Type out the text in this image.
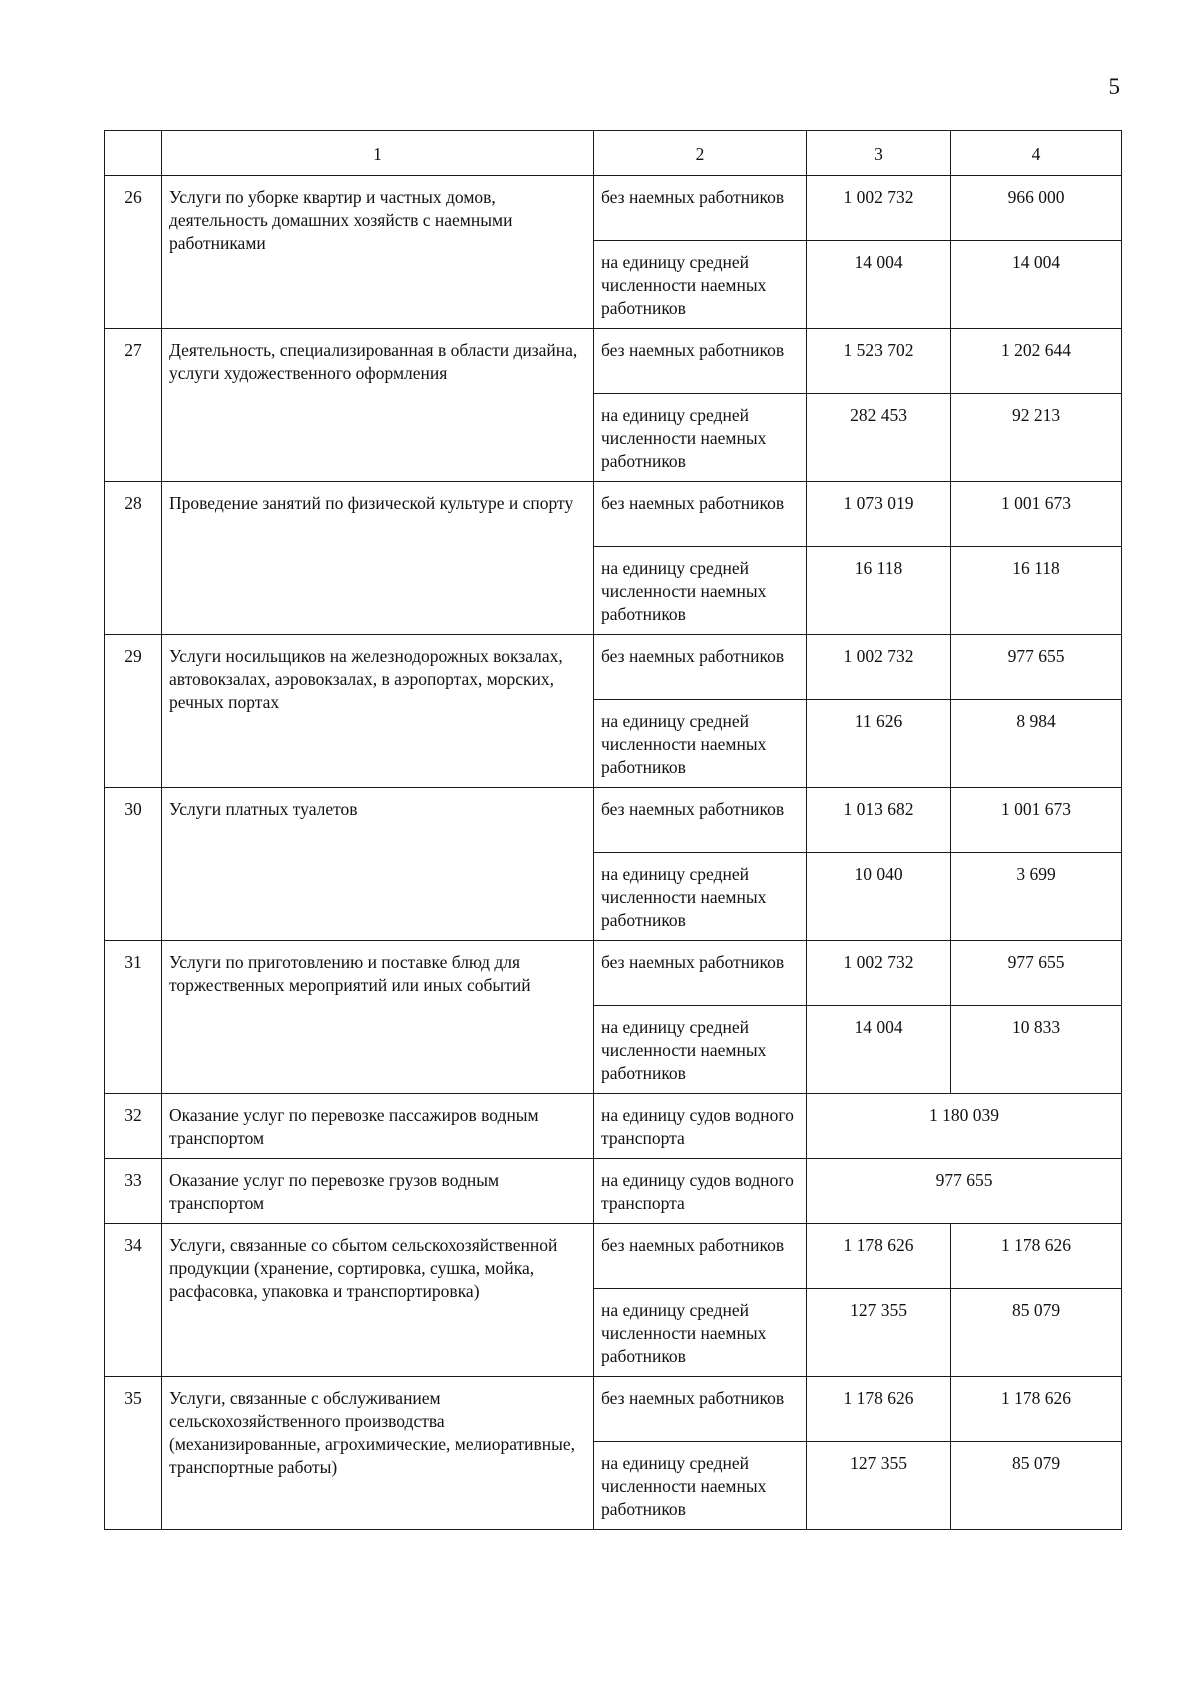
5
	1	2	3	4
26	Услуги по уборке квартир и частных домов, деятельность домашних хозяйств с наемными работниками	без наемных работников	1 002 732	966 000
		на единицу средней численности наемных работников	14 004	14 004
27	Деятельность, специализированная в области дизайна, услуги художественного оформления	без наемных работников	1 523 702	1 202 644
		на единицу средней численности наемных работников	282 453	92 213
28	Проведение занятий по физической культуре и спорту	без наемных работников	1 073 019	1 001 673
		на единицу средней численности наемных работников	16 118	16 118
29	Услуги носильщиков на железнодорожных вокзалах, автовокзалах, аэровокзалах, в аэропортах, морских, речных портах	без наемных работников	1 002 732	977 655
		на единицу средней численности наемных работников	11 626	8 984
30	Услуги платных туалетов	без наемных работников	1 013 682	1 001 673
		на единицу средней численности наемных работников	10 040	3 699
31	Услуги по приготовлению и поставке блюд для торжественных мероприятий или иных событий	без наемных работников	1 002 732	977 655
		на единицу средней численности наемных работников	14 004	10 833
32	Оказание услуг по перевозке пассажиров водным транспортом	на единицу судов водного транспорта	1 180 039	
33	Оказание услуг по перевозке грузов водным транспортом	на единицу судов водного транспорта	977 655	
34	Услуги, связанные со сбытом сельскохозяйственной продукции (хранение, сортировка, сушка, мойка, расфасовка, упаковка и транспортировка)	без наемных работников	1 178 626	1 178 626
		на единицу средней численности наемных работников	127 355	85 079
35	Услуги, связанные с обслуживанием сельскохозяйственного производства (механизированные, агрохимические, мелиоративные, транспортные работы)	без наемных работников	1 178 626	1 178 626
		на единицу средней численности наемных работников	127 355	85 079
